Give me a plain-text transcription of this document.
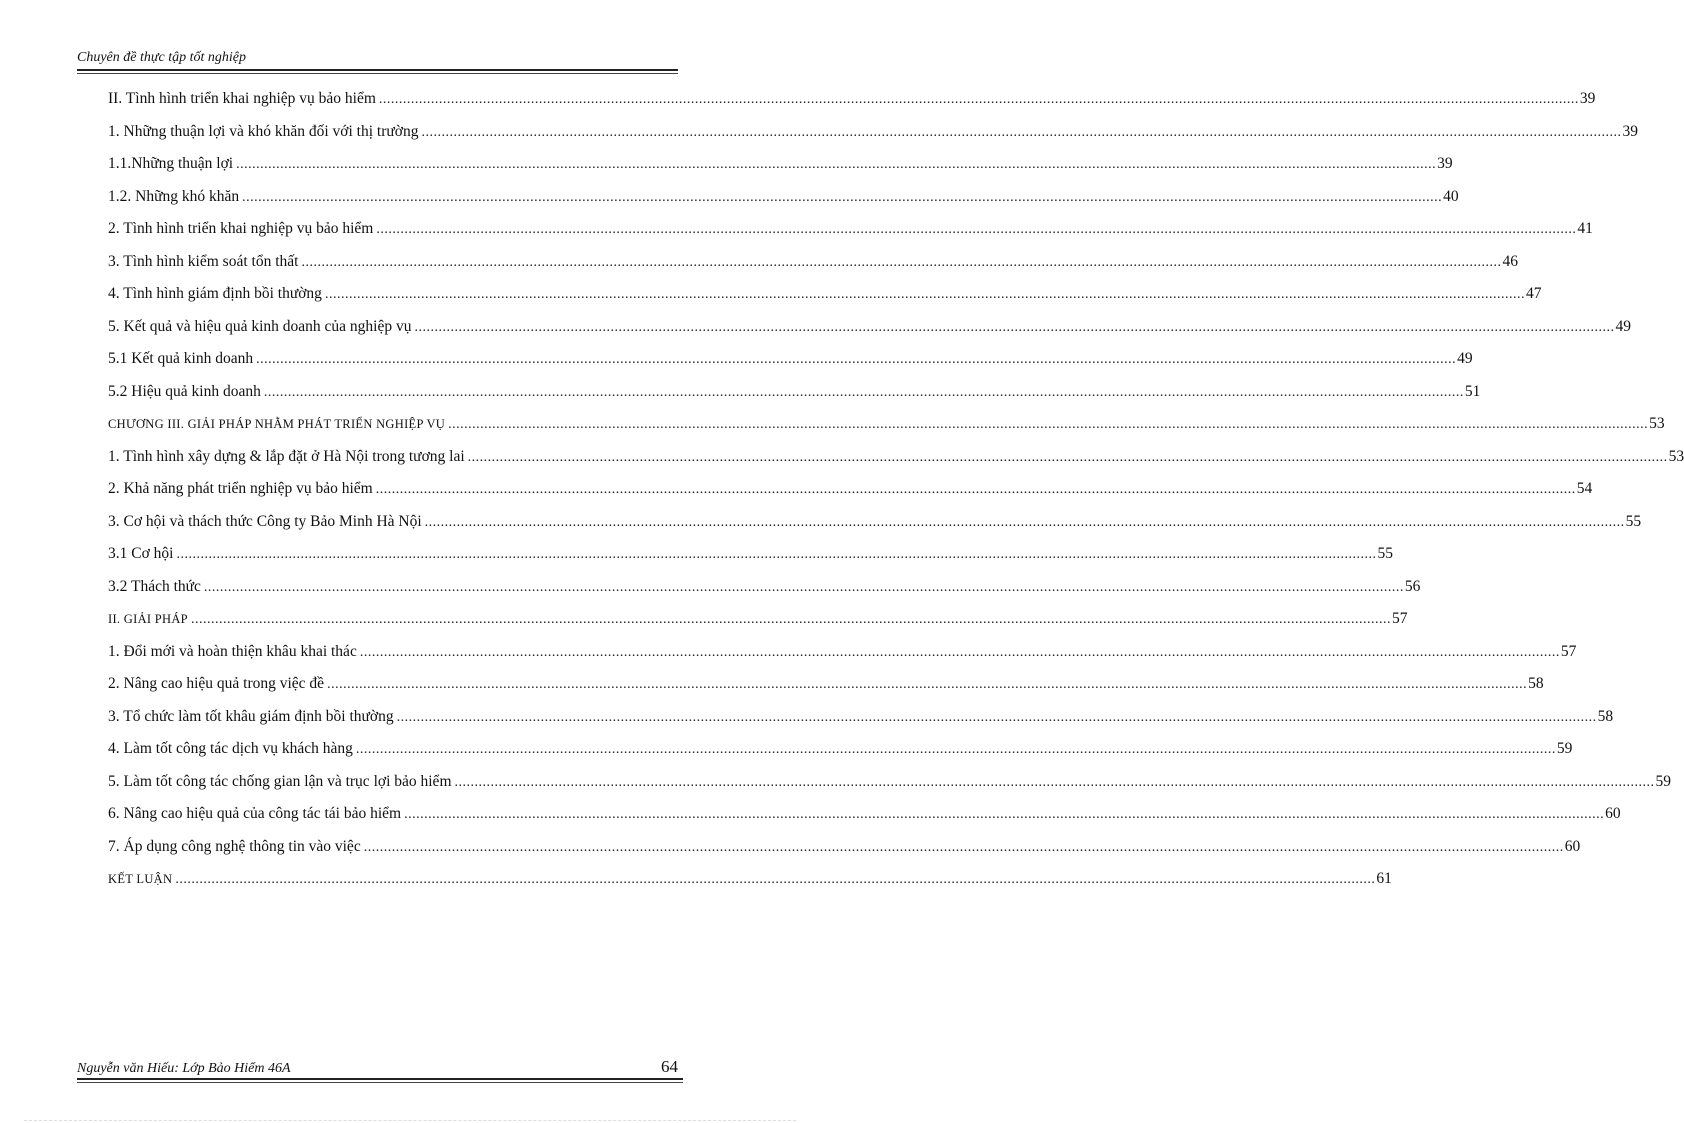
Chuyên đề thực tập tốt nghiệp
II. Tình hình triển khai nghiệp vụ bảo hiểm ............................................................................................................................................................................................................................................................................................................ 39
1. Những thuận lợi và khó khăn đối với thị trường ............................................................................................................................................................................................................................................................................................................ 39
1.1.Những thuận lợi ............................................................................................................................................................................................................................................................................................................ 39
1.2. Những khó khăn ............................................................................................................................................................................................................................................................................................................ 40
2. Tình hình triển khai nghiệp vụ bảo hiểm ............................................................................................................................................................................................................................................................................................................ 41
3. Tình hình kiểm soát tổn thất ............................................................................................................................................................................................................................................................................................................ 46
4. Tình hình giám định bồi thường ............................................................................................................................................................................................................................................................................................................ 47
5. Kết quả và hiệu quả kinh doanh của nghiệp vụ ............................................................................................................................................................................................................................................................................................................ 49
5.1 Kết quả kinh doanh ............................................................................................................................................................................................................................................................................................................ 49
5.2 Hiệu quả kinh doanh ............................................................................................................................................................................................................................................................................................................ 51
CHƯƠNG III. GIẢI PHÁP NHẰM PHÁT TRIỂN NGHIỆP VỤ ............................................................................................................................................................................................................................................................................................................ 53
1. Tình hình xây dựng & lắp đặt ở Hà Nội trong tương lai ............................................................................................................................................................................................................................................................................................................ 53
2. Khả năng phát triển nghiệp vụ bảo hiểm ............................................................................................................................................................................................................................................................................................................ 54
3. Cơ hội và thách thức Công ty Bảo Minh Hà Nội ............................................................................................................................................................................................................................................................................................................ 55
3.1 Cơ hội ............................................................................................................................................................................................................................................................................................................ 55
3.2 Thách thức ............................................................................................................................................................................................................................................................................................................ 56
II. GIẢI PHÁP ............................................................................................................................................................................................................................................................................................................ 57
1. Đổi mới và hoàn thiện khâu khai thác ............................................................................................................................................................................................................................................................................................................ 57
2. Nâng cao hiệu quả trong việc đề ............................................................................................................................................................................................................................................................................................................ 58
3. Tổ chức làm tốt khâu giám định bồi thường ............................................................................................................................................................................................................................................................................................................ 58
4. Làm tốt công tác dịch vụ khách hàng ............................................................................................................................................................................................................................................................................................................ 59
5. Làm tốt công tác chống gian lận và trục lợi bảo hiểm ............................................................................................................................................................................................................................................................................................................ 59
6. Nâng cao hiệu quả của công tác tái bảo hiểm ............................................................................................................................................................................................................................................................................................................ 60
7. Áp dụng công nghệ thông tin vào việc ............................................................................................................................................................................................................................................................................................................ 60
KẾT LUẬN ............................................................................................................................................................................................................................................................................................................ 61
Nguyễn văn Hiếu: Lớp Bảo Hiểm 46A	64
